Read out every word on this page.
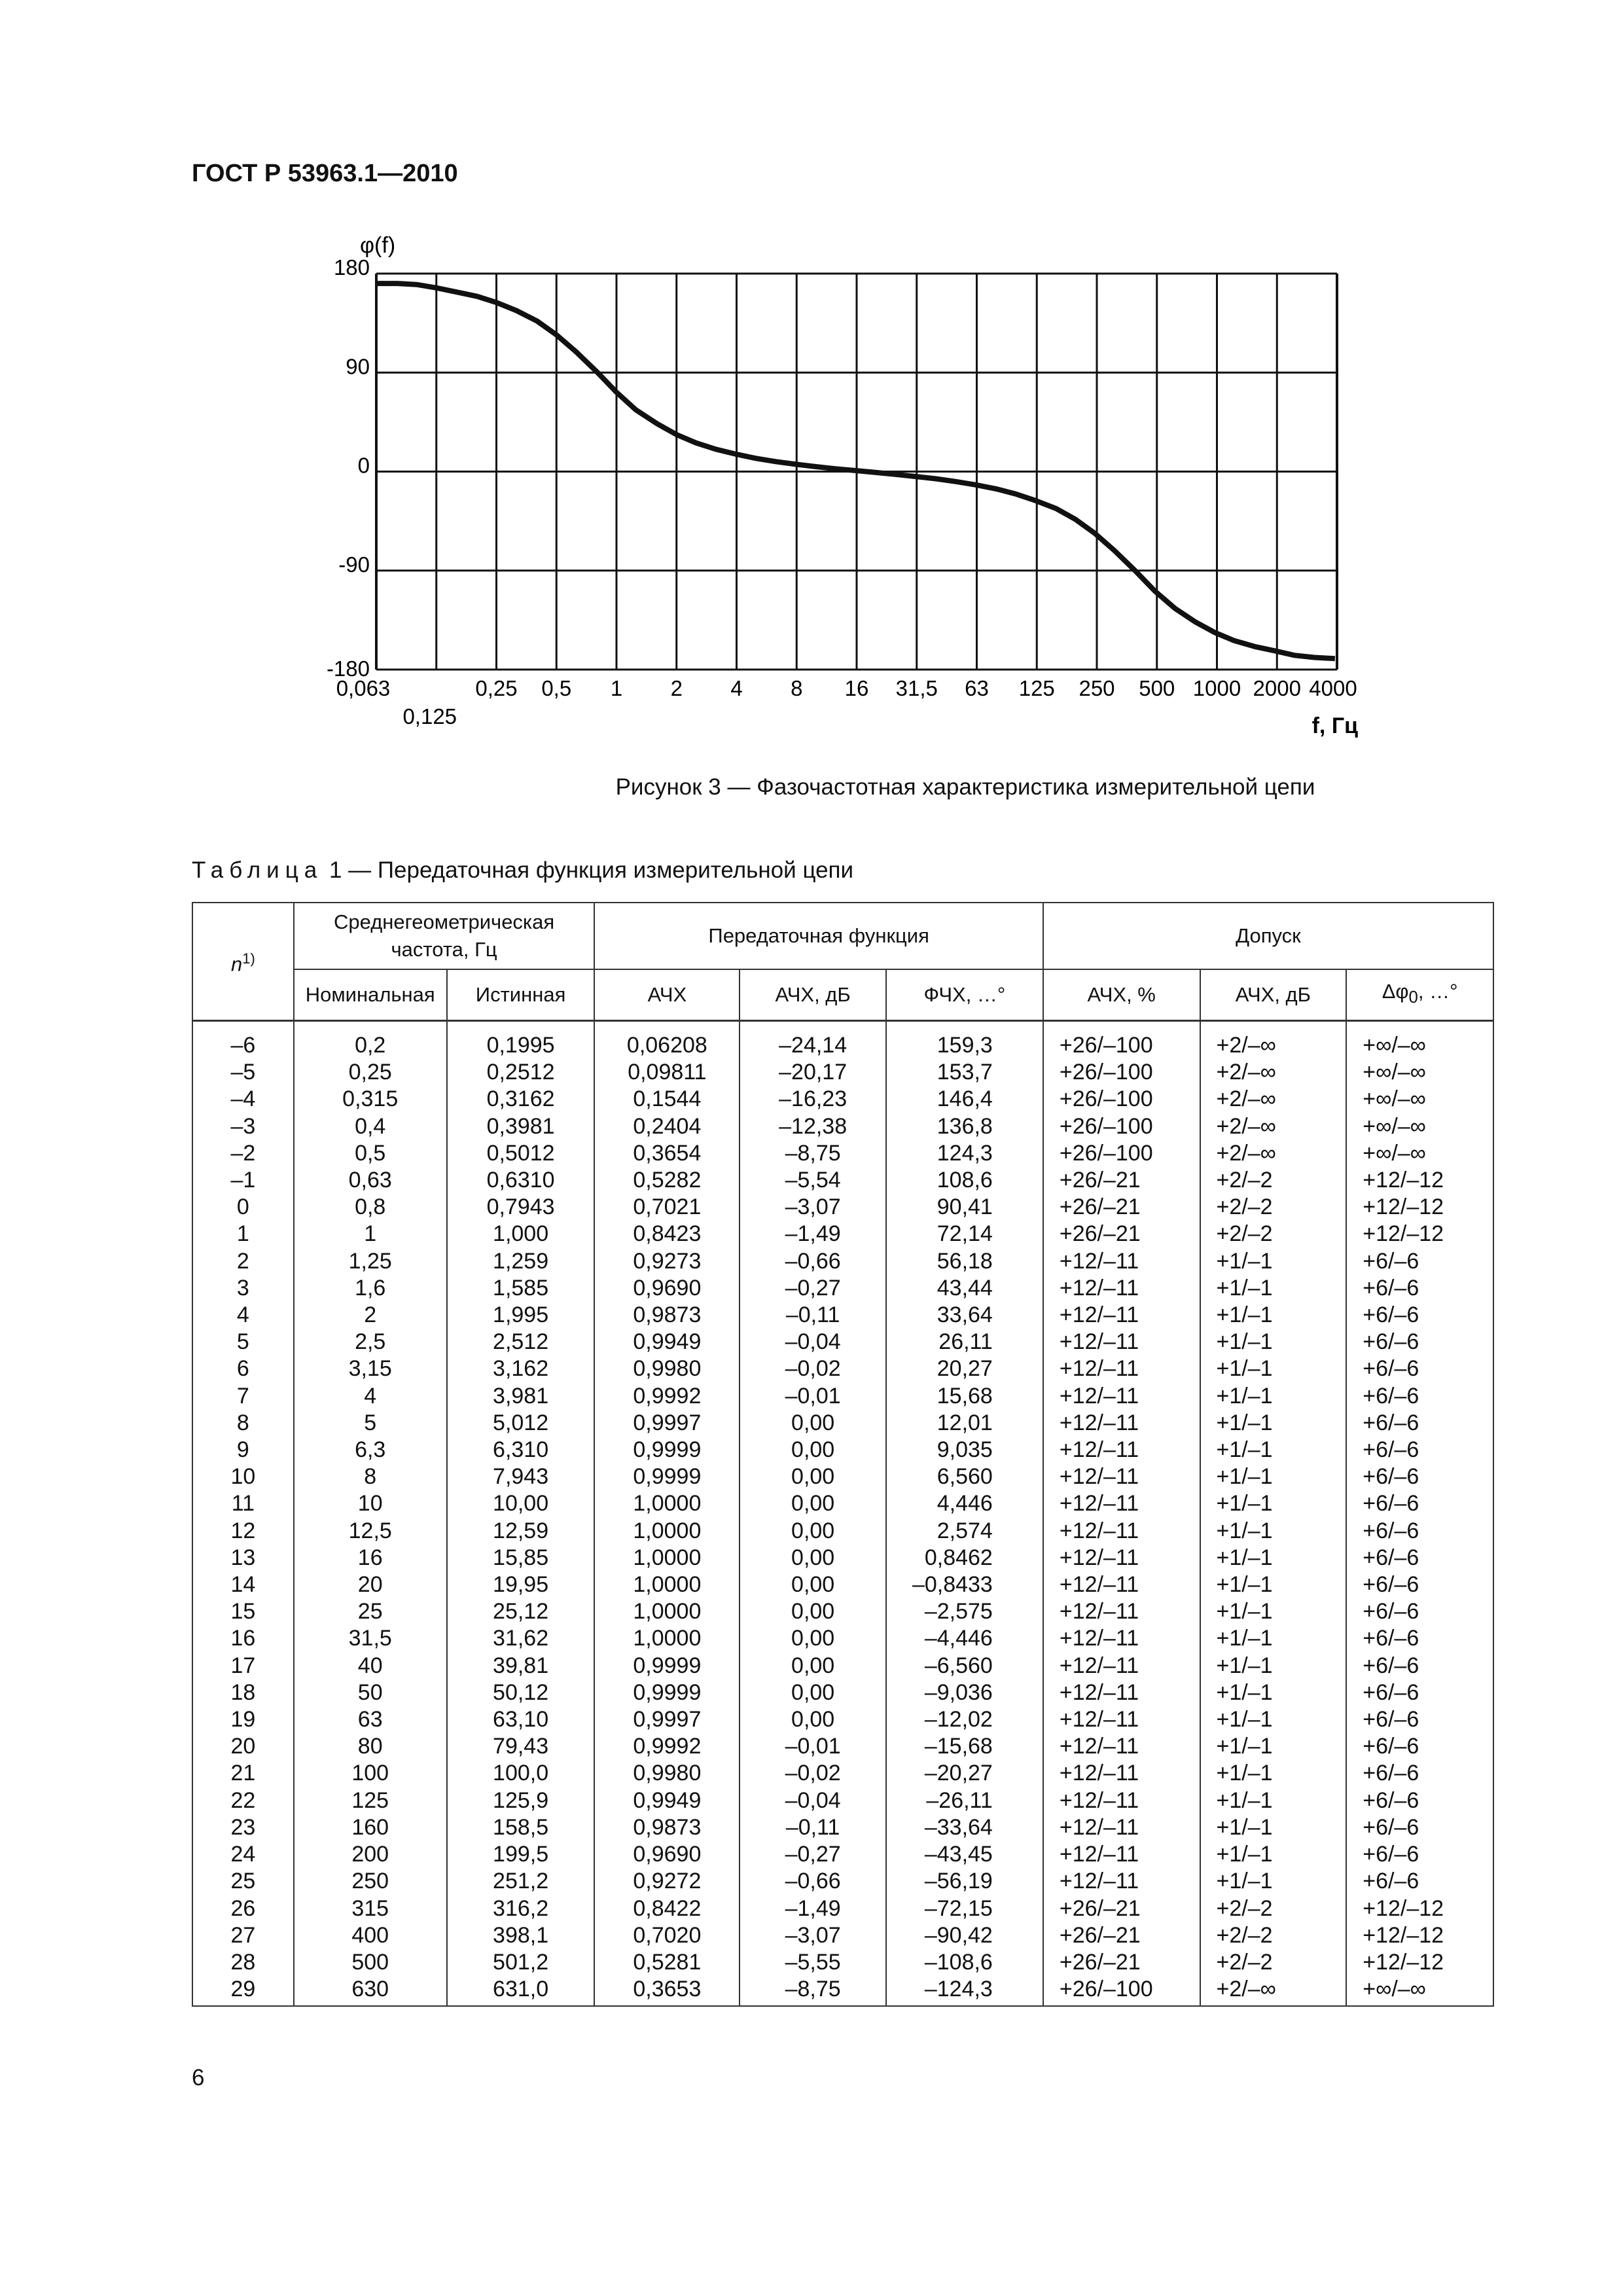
ГОСТ Р 53963.1—2010
φ(f)
f, Гц
180
90
0
-90
-180
0,063
0,125
0,25 0,5 1 2 4 8 16 31,5 63 125 250 500 1000 2000 4000
Рисунок 3 — Фазочастотная характеристика измерительной цепи
Таблица 1 — Передаточная функция измерительной цепи
$n^{1)}$	Среднегеометрическая частота, Гц		Передаточная функция			Допуск		
	Номинальная	Истинная	АЧХ	АЧХ, дБ	ФЧХ, …°	АЧХ, %	АЧХ, дБ	$\Delta\varphi_0$, …°

–6	0,2	0,1995	0,06208	–24,14	159,3	+26/–100	+2/–∞	+∞/–∞
–5	0,25	0,2512	0,09811	–20,17	153,7	+26/–100	+2/–∞	+∞/–∞
–4	0,315	0,3162	0,1544	–16,23	146,4	+26/–100	+2/–∞	+∞/–∞
–3	0,4	0,3981	0,2404	–12,38	136,8	+26/–100	+2/–∞	+∞/–∞
–2	0,5	0,5012	0,3654	–8,75	124,3	+26/–100	+2/–∞	+∞/–∞
–1	0,63	0,6310	0,5282	–5,54	108,6	+26/–21	+2/–2	+12/–12
0	0,8	0,7943	0,7021	–3,07	90,41	+26/–21	+2/–2	+12/–12
1	1	1,000	0,8423	–1,49	72,14	+26/–21	+2/–2	+12/–12
2	1,25	1,259	0,9273	–0,66	56,18	+12/–11	+1/–1	+6/–6
3	1,6	1,585	0,9690	–0,27	43,44	+12/–11	+1/–1	+6/–6
4	2	1,995	0,9873	–0,11	33,64	+12/–11	+1/–1	+6/–6
5	2,5	2,512	0,9949	–0,04	26,11	+12/–11	+1/–1	+6/–6
6	3,15	3,162	0,9980	–0,02	20,27	+12/–11	+1/–1	+6/–6
7	4	3,981	0,9992	–0,01	15,68	+12/–11	+1/–1	+6/–6
8	5	5,012	0,9997	0,00	12,01	+12/–11	+1/–1	+6/–6
9	6,3	6,310	0,9999	0,00	9,035	+12/–11	+1/–1	+6/–6
10	8	7,943	0,9999	0,00	6,560	+12/–11	+1/–1	+6/–6
11	10	10,00	1,0000	0,00	4,446	+12/–11	+1/–1	+6/–6
12	12,5	12,59	1,0000	0,00	2,574	+12/–11	+1/–1	+6/–6
13	16	15,85	1,0000	0,00	0,8462	+12/–11	+1/–1	+6/–6
14	20	19,95	1,0000	0,00	–0,8433	+12/–11	+1/–1	+6/–6
15	25	25,12	1,0000	0,00	–2,575	+12/–11	+1/–1	+6/–6
16	31,5	31,62	1,0000	0,00	–4,446	+12/–11	+1/–1	+6/–6
17	40	39,81	0,9999	0,00	–6,560	+12/–11	+1/–1	+6/–6
18	50	50,12	0,9999	0,00	–9,036	+12/–11	+1/–1	+6/–6
19	63	63,10	0,9997	0,00	–12,02	+12/–11	+1/–1	+6/–6
20	80	79,43	0,9992	–0,01	–15,68	+12/–11	+1/–1	+6/–6
21	100	100,0	0,9980	–0,02	–20,27	+12/–11	+1/–1	+6/–6
22	125	125,9	0,9949	–0,04	–26,11	+12/–11	+1/–1	+6/–6
23	160	158,5	0,9873	–0,11	–33,64	+12/–11	+1/–1	+6/–6
24	200	199,5	0,9690	–0,27	–43,45	+12/–11	+1/–1	+6/–6
25	250	251,2	0,9272	–0,66	–56,19	+12/–11	+1/–1	+6/–6
26	315	316,2	0,8422	–1,49	–72,15	+26/–21	+2/–2	+12/–12
27	400	398,1	0,7020	–3,07	–90,42	+26/–21	+2/–2	+12/–12
28	500	501,2	0,5281	–5,55	–108,6	+26/–21	+2/–2	+12/–12
29	630	631,0	0,3653	–8,75	–124,3	+26/–100	+2/–∞	+∞/–∞
6
